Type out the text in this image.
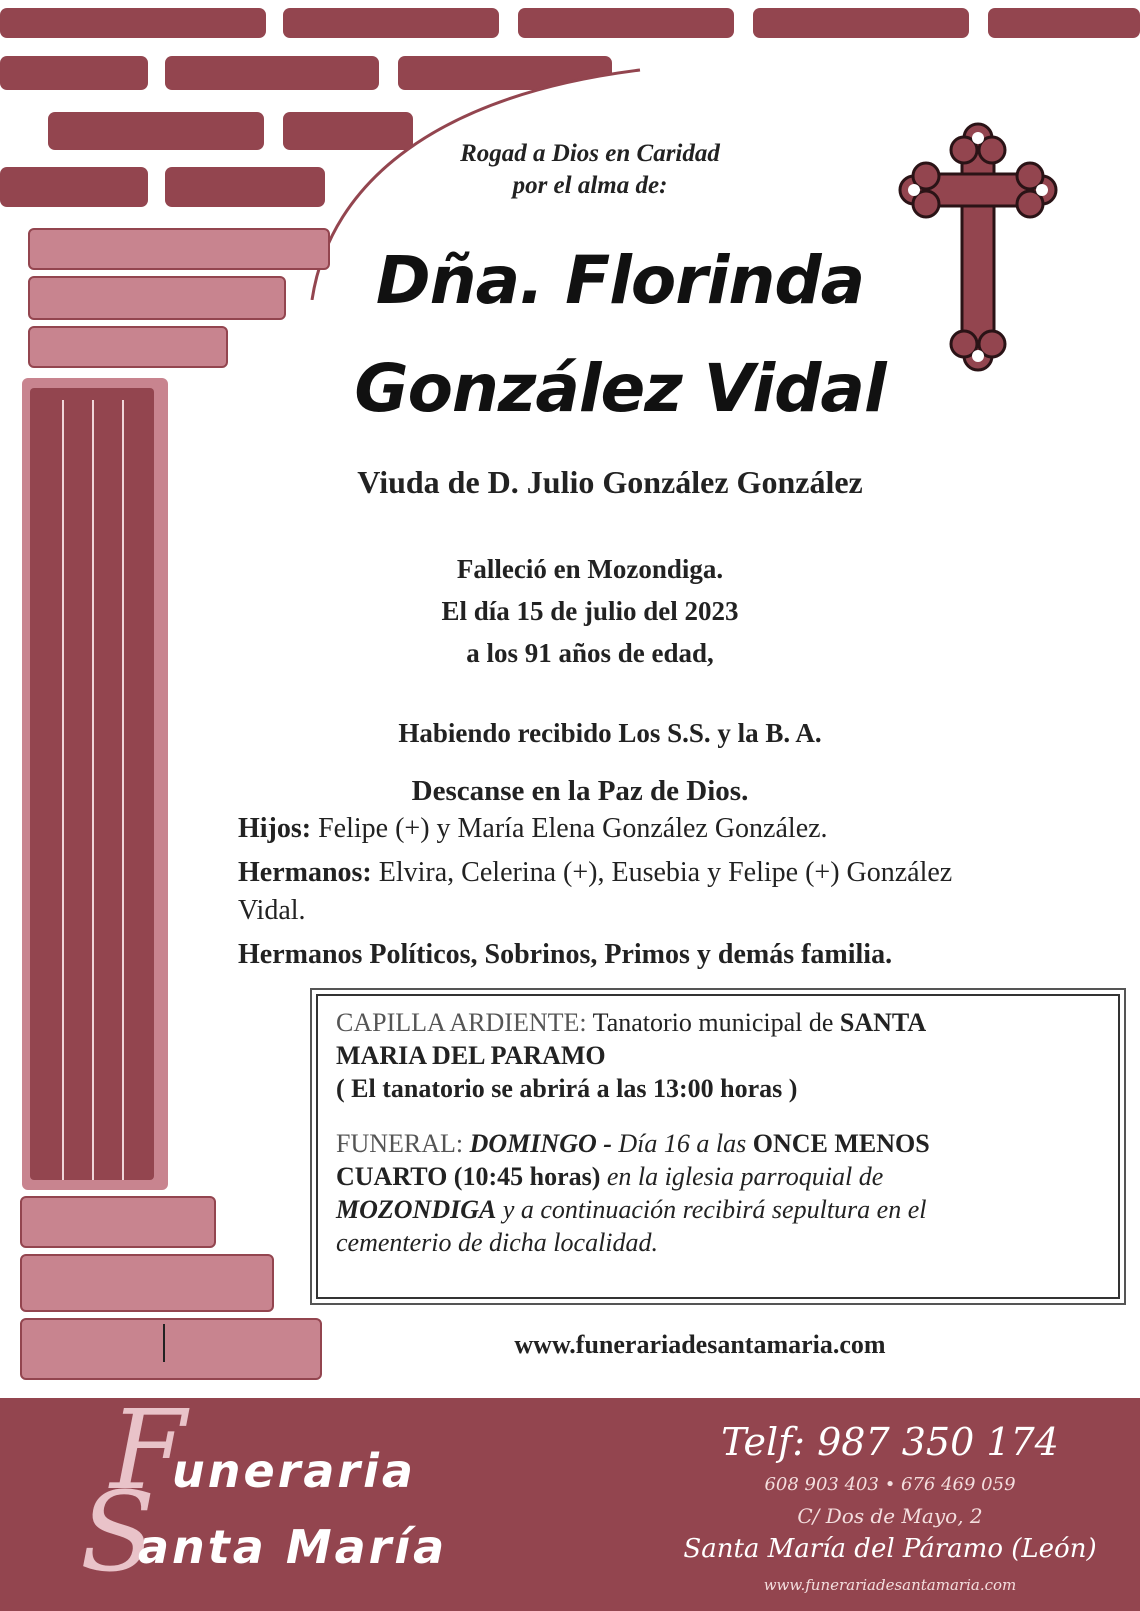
Rogad a Dios en Caridad
por el alma de:
Dña. Florinda
González Vidal
Viuda de D. Julio González González
Falleció en Mozondiga.
El día 15 de julio del 2023
a los 91 años de edad,
Habiendo recibido Los S.S. y la B. A.
Descanse en la Paz de Dios.
Hijos: Felipe (+) y María Elena González González.
Hermanos: Elvira, Celerina (+), Eusebia y Felipe (+) González
Vidal.
Hermanos Políticos, Sobrinos, Primos y demás familia.

CAPILLA ARDIENTE: Tanatorio municipal de SANTA

MARIA DEL PARAMO

( El tanatorio se abrirá a las 13:00 horas )

FUNERAL: DOMINGO - Día 16 a las ONCE MENOS

CUARTO (10:45 horas) en la iglesia parroquial de

MOZONDIGA y a continuación recibirá sepultura en el

cementerio de dicha localidad.

www.funerariadesantamaria.com
F
uneraria
S
anta María
Telf: 987 350 174
608 903 403 • 676 469 059
C/ Dos de Mayo, 2
Santa María del Páramo (León)
www.funerariadesantamaria.com
